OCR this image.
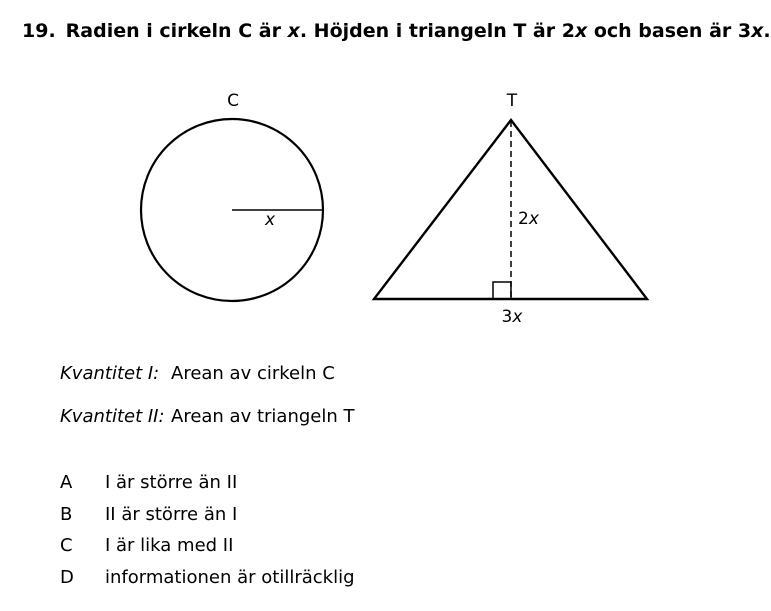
19. Radien i cirkeln C är x. Höjden i triangeln T är 2x och basen är 3x.
C
x
T
2x
3x
Kvantitet I: Arean av cirkeln C
Kvantitet II: Arean av triangeln T
A I är större än II
B II är större än I
C I är lika med II
D informationen är otillräcklig
